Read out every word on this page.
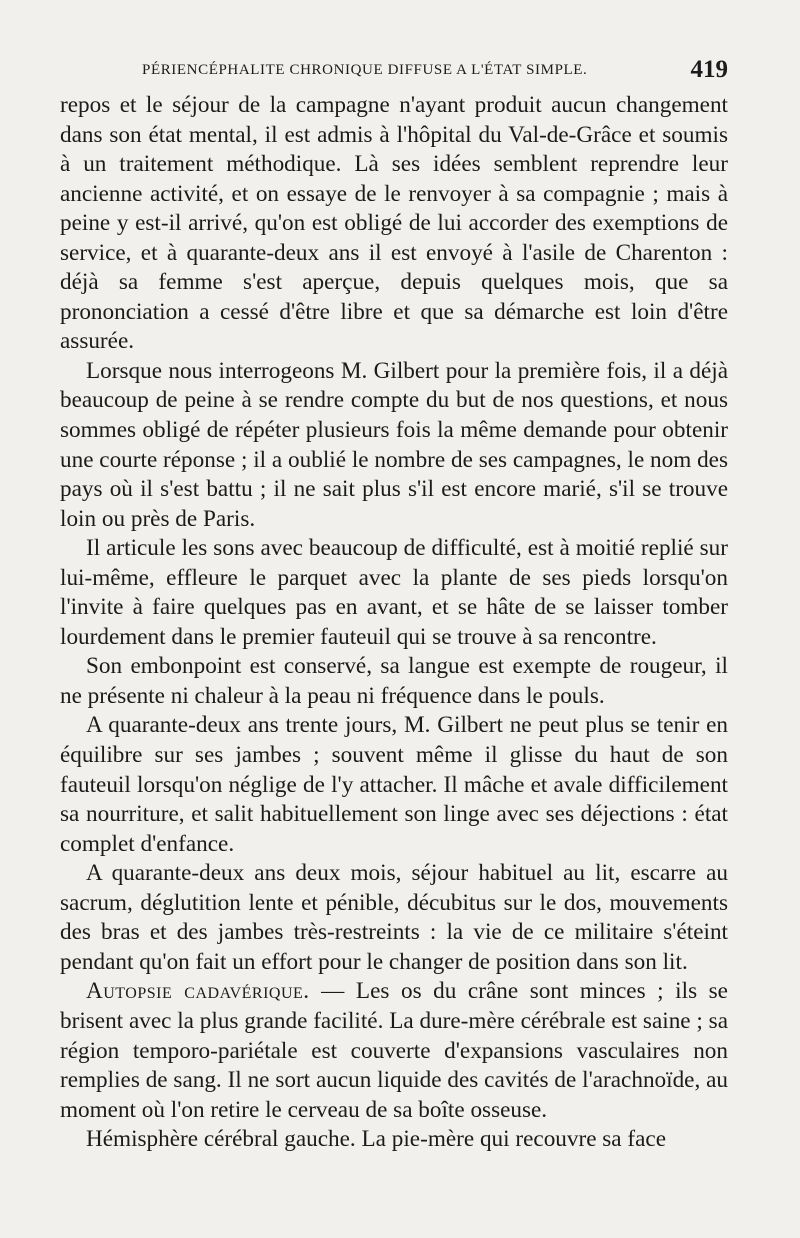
PÉRIENCÉPHALITE CHRONIQUE DIFFUSE A L'ÉTAT SIMPLE.	419

repos et le séjour de la campagne n'ayant produit aucun changement dans son état mental, il est admis à l'hôpital du Val-de-Grâce et soumis à un traitement méthodique. Là ses idées semblent reprendre leur ancienne activité, et on essaye de le renvoyer à sa compagnie ; mais à peine y est-il arrivé, qu'on est obligé de lui accorder des exemptions de service, et à quarante-deux ans il est envoyé à l'asile de Charenton : déjà sa femme s'est aperçue, depuis quelques mois, que sa prononciation a cessé d'être libre et que sa démarche est loin d'être assurée.

Lorsque nous interrogeons M. Gilbert pour la première fois, il a déjà beaucoup de peine à se rendre compte du but de nos questions, et nous sommes obligé de répéter plusieurs fois la même demande pour obtenir une courte réponse ; il a oublié le nombre de ses campagnes, le nom des pays où il s'est battu ; il ne sait plus s'il est encore marié, s'il se trouve loin ou près de Paris.

Il articule les sons avec beaucoup de difficulté, est à moitié replié sur lui-même, effleure le parquet avec la plante de ses pieds lorsqu'on l'invite à faire quelques pas en avant, et se hâte de se laisser tomber lourdement dans le premier fauteuil qui se trouve à sa rencontre.

Son embonpoint est conservé, sa langue est exempte de rougeur, il ne présente ni chaleur à la peau ni fréquence dans le pouls.

A quarante-deux ans trente jours, M. Gilbert ne peut plus se tenir en équilibre sur ses jambes ; souvent même il glisse du haut de son fauteuil lorsqu'on néglige de l'y attacher. Il mâche et avale difficilement sa nourriture, et salit habituellement son linge avec ses déjections : état complet d'enfance.

A quarante-deux ans deux mois, séjour habituel au lit, escarre au sacrum, déglutition lente et pénible, décubitus sur le dos, mouvements des bras et des jambes très-restreints : la vie de ce militaire s'éteint pendant qu'on fait un effort pour le changer de position dans son lit.

Autopsie cadavérique. — Les os du crâne sont minces ; ils se brisent avec la plus grande facilité. La dure-mère cérébrale est saine ; sa région temporo-pariétale est couverte d'expansions vasculaires non remplies de sang. Il ne sort aucun liquide des cavités de l'arachnoïde, au moment où l'on retire le cerveau de sa boîte osseuse.

Hémisphère cérébral gauche. La pie-mère qui recouvre sa face
